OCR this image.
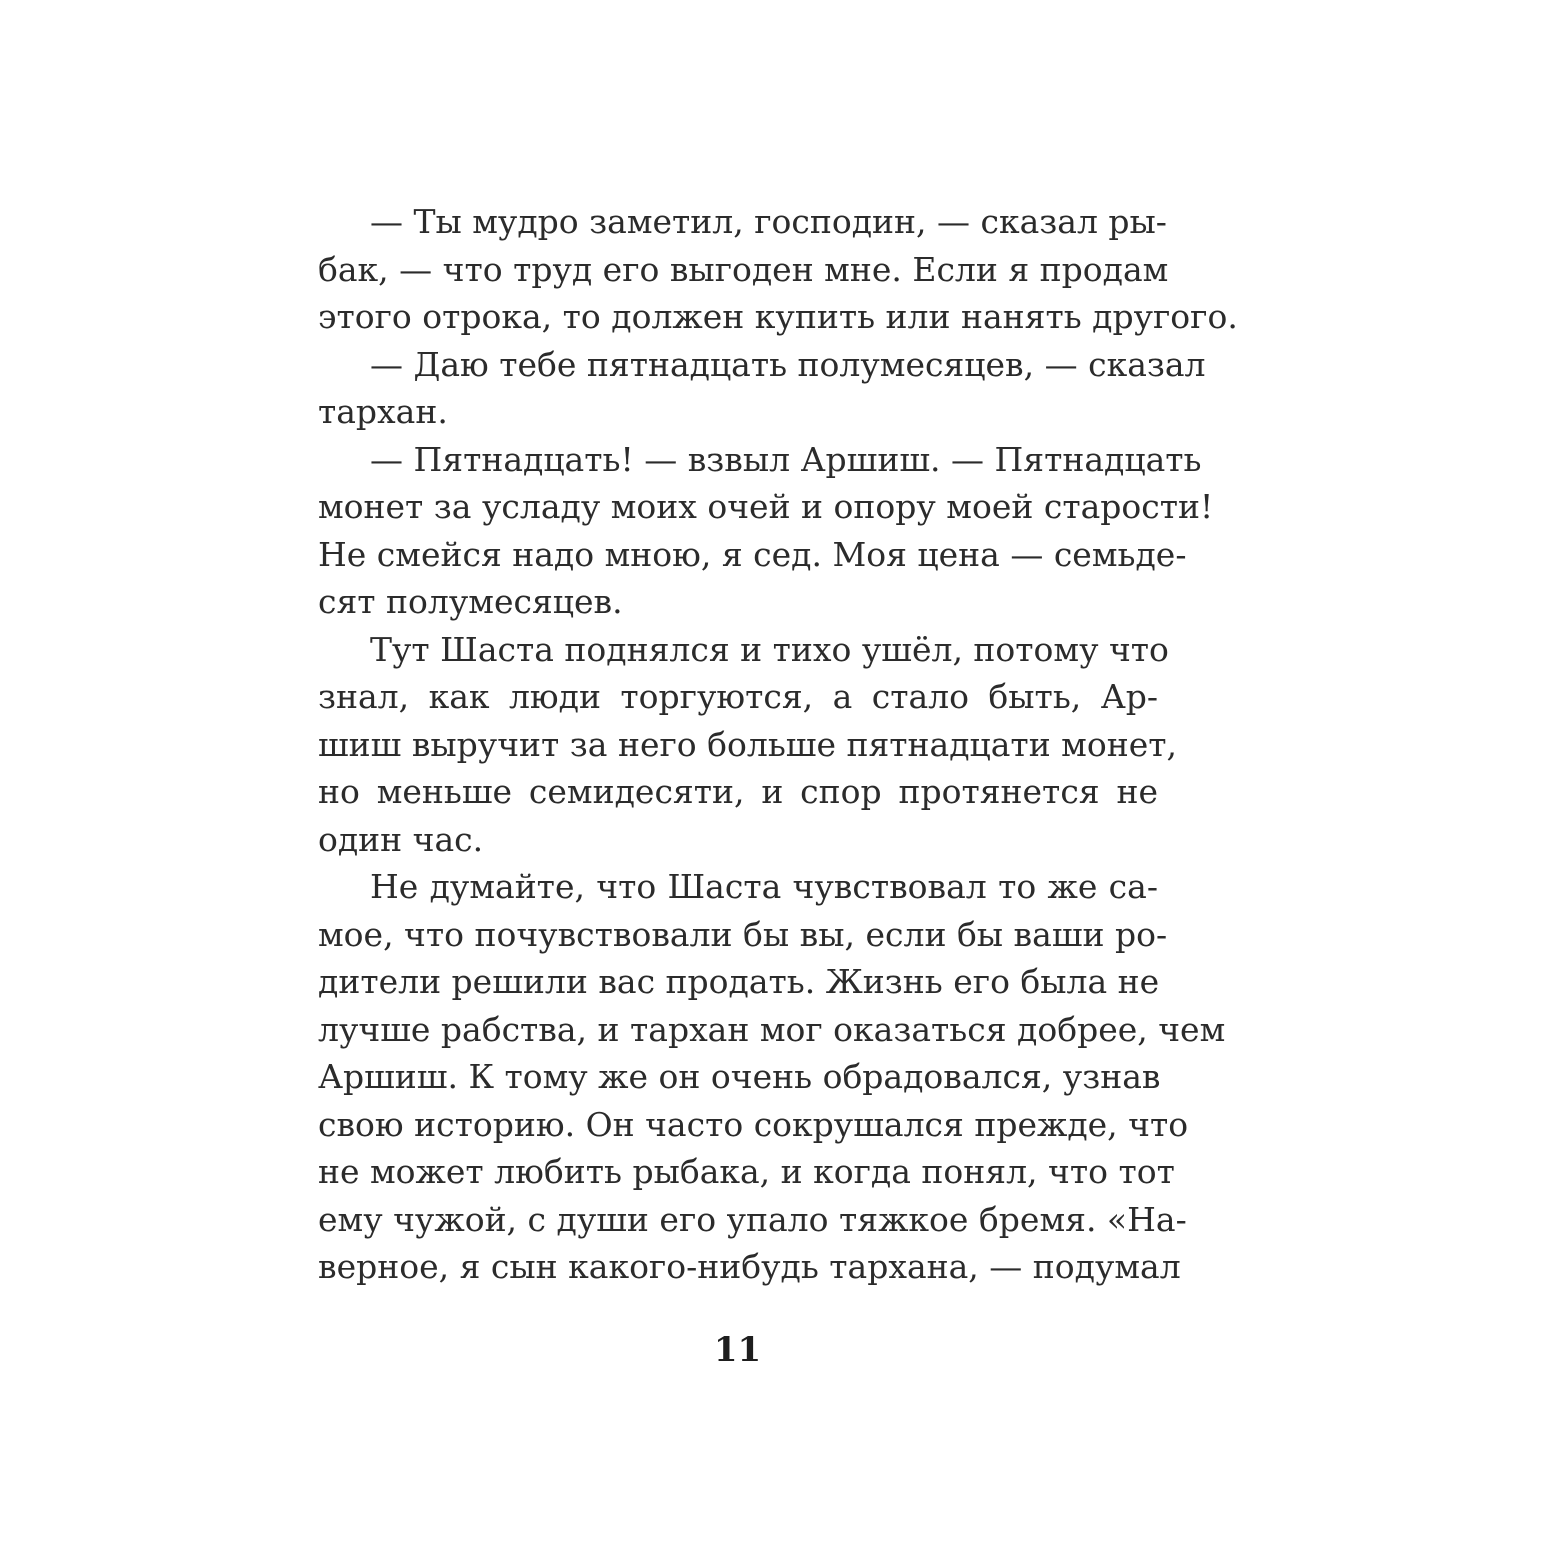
— Ты мудро заметил, господин, — сказал ры-
бак, — что труд его выгоден мне. Если я продам
этого отрока, то должен купить или нанять другого.
— Даю тебе пятнадцать полумесяцев, — сказал
тархан.
— Пятнадцать! — взвыл Аршиш. — Пятнадцать
монет за усладу моих очей и опору моей старости!
Не смейся надо мною, я сед. Моя цена — семьде-
сят полумесяцев.
Тут Шаста поднялся и тихо ушёл, потому что
знал, как люди торгуются, а стало быть, Ар-
шиш выручит за него больше пятнадцати монет,
но меньше семидесяти, и спор протянется не
один час.
Не думайте, что Шаста чувствовал то же са-
мое, что почувствовали бы вы, если бы ваши ро-
дители решили вас продать. Жизнь его была не
лучше рабства, и тархан мог оказаться добрее, чем
Аршиш. К тому же он очень обрадовался, узнав
свою историю. Он часто сокрушался прежде, что
не может любить рыбака, и когда понял, что тот
ему чужой, с души его упало тяжкое бремя. «На-
верное, я сын какого-нибудь тархана, — подумал
11
